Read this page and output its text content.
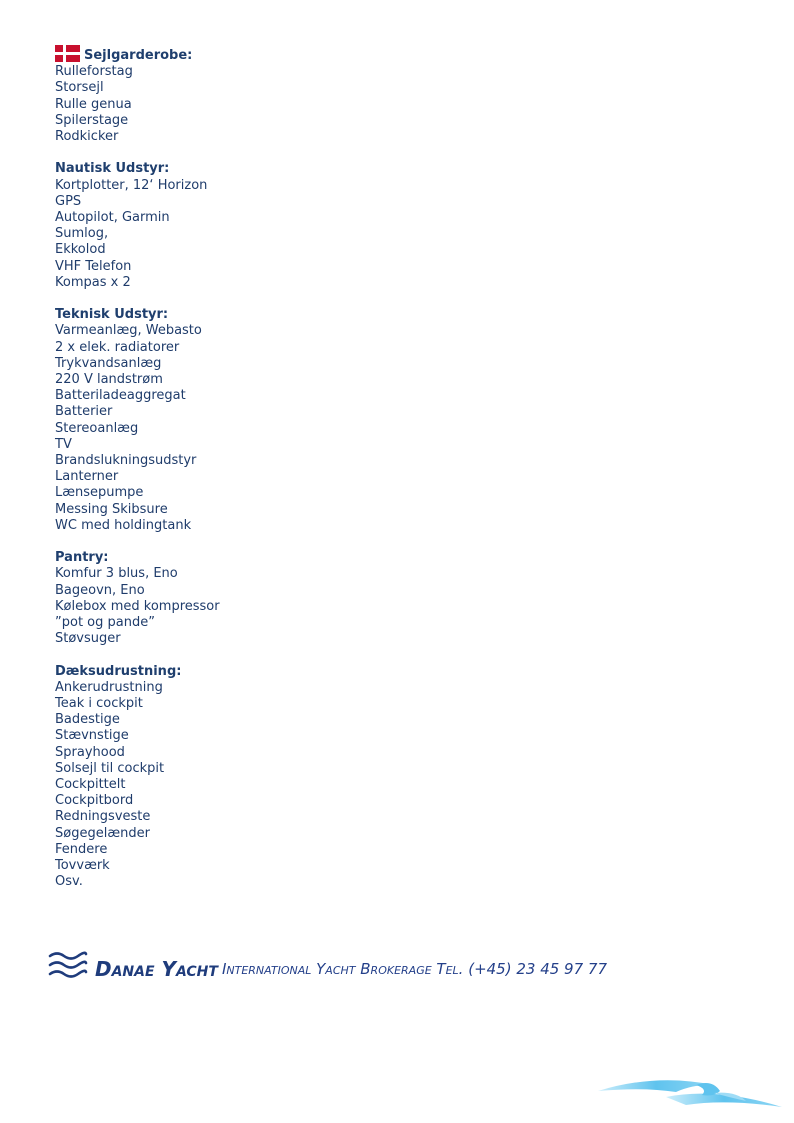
Sejlgarderobe:
Rulleforstag
Storsejl
Rulle genua
Spilerstage
Rodkicker
Nautisk Udstyr:
Kortplotter, 12‘ Horizon
GPS
Autopilot, Garmin
Sumlog,
Ekkolod
VHF Telefon
Kompas x 2
Teknisk Udstyr:
Varmeanlæg, Webasto
2 x elek. radiatorer
Trykvandsanlæg
220 V landstrøm
Batteriladeaggregat
Batterier
Stereoanlæg
TV
Brandslukningsudstyr
Lanterner
Lænsepumpe
Messing Skibsure
WC med holdingtank
Pantry:
Komfur 3 blus, Eno
Bageovn, Eno
Kølebox med kompressor
”pot og pande”
Støvsuger
Dæksudrustning:
Ankerudrustning
Teak i cockpit
Badestige
Stævnstige
Sprayhood
Solsejl til cockpit
Cockpittelt
Cockpitbord
Redningsveste
Søgegelænder
Fendere
Tovværk
Osv.
Danae Yacht International Yacht Brokerage Tel. (+45) 23 45 97 77
